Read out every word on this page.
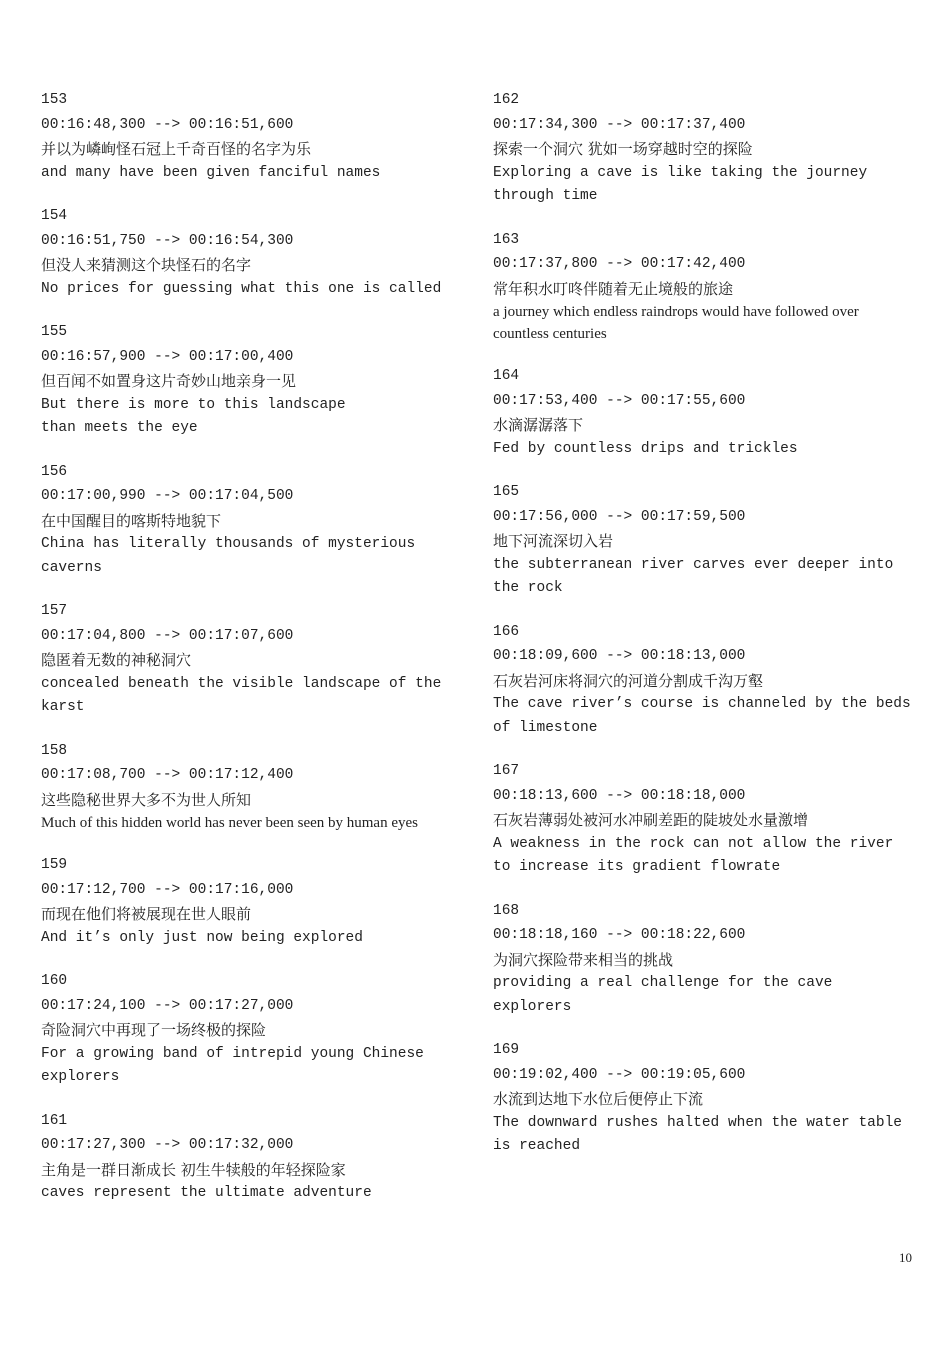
153
00:16:48,300 --> 00:16:51,600
并以为嶙峋怪石冠上千奇百怪的名字为乐
and many have been given fanciful names
154
00:16:51,750 --> 00:16:54,300
但没人来猜测这个块怪石的名字
No prices for guessing what this one is called
155
00:16:57,900 --> 00:17:00,400
但百闻不如置身这片奇妙山地亲身一见
But there is more to this landscape
than meets the eye
156
00:17:00,990 --> 00:17:04,500
在中国醒目的喀斯特地貌下
China has literally thousands of mysterious caverns
157
00:17:04,800 --> 00:17:07,600
隐匿着无数的神秘洞穴
concealed beneath the visible landscape of the karst
158
00:17:08,700 --> 00:17:12,400
这些隐秘世界大多不为世人所知
Much of this hidden world has never been seen by human eyes
159
00:17:12,700 --> 00:17:16,000
而现在他们将被展现在世人眼前
And it’s only just now being explored
160
00:17:24,100 --> 00:17:27,000
奇险洞穴中再现了一场终极的探险
For a growing band of intrepid young Chinese explorers
161
00:17:27,300 --> 00:17:32,000
主角是一群日渐成长 初生牛犊般的年轻探险家
caves represent the ultimate adventure
162
00:17:34,300 --> 00:17:37,400
探索一个洞穴 犹如一场穿越时空的探险
Exploring a cave is like taking the journey through time
163
00:17:37,800 --> 00:17:42,400
常年积水叮咚伴随着无止境般的旅途
a journey which endless raindrops would have followed over countless centuries
164
00:17:53,400 --> 00:17:55,600
水滴潺潺落下
Fed by countless drips and trickles
165
00:17:56,000 --> 00:17:59,500
地下河流深切入岩
the subterranean river carves ever deeper into the rock
166
00:18:09,600 --> 00:18:13,000
石灰岩河床将洞穴的河道分割成千沟万壑
The cave river’s course is channeled by the beds of limestone
167
00:18:13,600 --> 00:18:18,000
石灰岩薄弱处被河水冲刷差距的陡坡处水量激增
A weakness in the rock can not allow the river to increase its gradient flowrate
168
00:18:18,160 --> 00:18:22,600
为洞穴探险带来相当的挑战
providing a real challenge for the cave explorers
169
00:19:02,400 --> 00:19:05,600
水流到达地下水位后便停止下流
The downward rushes halted when the water table is reached
10
